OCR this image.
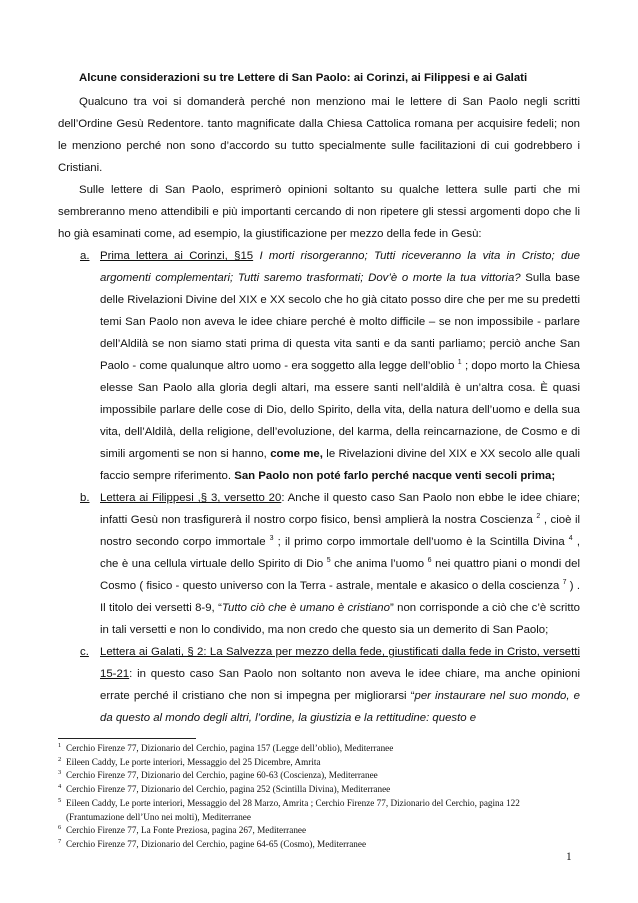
Alcune considerazioni su tre Lettere di San Paolo: ai Corinzi, ai Filippesi e ai Galati
Qualcuno tra voi si domanderà perché non menziono mai le lettere di San Paolo negli scritti dell’Ordine Gesù Redentore. tanto magnificate dalla Chiesa Cattolica romana per acquisire fedeli; non le menziono perché non sono d’accordo su tutto specialmente sulle facilitazioni di cui godrebbero i Cristiani.
Sulle lettere di San Paolo, esprimerò opinioni soltanto su qualche lettera sulle parti che mi sembreranno meno attendibili e più importanti cercando di non ripetere gli stessi argomenti dopo che li ho già esaminati come, ad esempio, la giustificazione per mezzo della fede in Gesù:
a. Prima lettera ai Corinzi, §15 I morti risorgeranno; Tutti riceveranno la vita in Cristo; due argomenti complementari; Tutti saremo trasformati; Dov’è o morte la tua vittoria? Sulla base delle Rivelazioni Divine del XIX e XX secolo che ho già citato posso dire che per me su predetti temi San Paolo non aveva le idee chiare perché è molto difficile – se non impossibile - parlare dell’Aldilà se non siamo stati prima di questa vita santi e da santi parliamo; perciò anche San Paolo - come qualunque altro uomo - era soggetto alla legge dell’oblio $^1$ ; dopo morto la Chiesa elesse San Paolo alla gloria degli altari, ma essere santi nell’aldilà è un’altra cosa. È quasi impossibile parlare delle cose di Dio, dello Spirito, della vita, della natura dell’uomo e della sua vita, dell’Aldilà, della religione, dell’evoluzione, del karma, della reincarnazione, de Cosmo e di simili argomenti se non si hanno, come me, le Rivelazioni divine del XIX e XX secolo alle quali faccio sempre riferimento. San Paolo non poté farlo perché nacque venti secoli prima;
b. Lettera ai Filippesi ,§ 3, versetto 20: Anche il questo caso San Paolo non ebbe le idee chiare; infatti Gesù non trasfigurerà il nostro corpo fisico, bensì amplierà la nostra Coscienza $^2$ , cioè il nostro secondo corpo immortale $^3$ ; il primo corpo immortale dell’uomo è la Scintilla Divina $^4$ , che è una cellula virtuale dello Spirito di Dio $^5$ che anima l’uomo $^6$ nei quattro piani o mondi del Cosmo ( fisico - questo universo con la Terra - astrale, mentale e akasico o della coscienza $^7$ ) . Il titolo dei versetti 8-9, “Tutto ciò che è umano è cristiano” non corrisponde a ciò che c’è scritto in tali versetti e non lo condivido, ma non credo che questo sia un demerito di San Paolo;
c. Lettera ai Galati, § 2: La Salvezza per mezzo della fede, giustificati dalla fede in Cristo, versetti 15-21: in questo caso San Paolo non soltanto non aveva le idee chiare, ma anche opinioni errate perché il cristiano che non si impegna per migliorarsi “per instaurare nel suo mondo, e da questo al mondo degli altri, l’ordine, la giustizia e la rettitudine: questo e
1 Cerchio Firenze 77, Dizionario del Cerchio, pagina 157 (Legge dell’oblio), Mediterranee
2 Eileen Caddy, Le porte interiori, Messaggio del 25 Dicembre, Amrita
3 Cerchio Firenze 77, Dizionario del Cerchio, pagine 60-63 (Coscienza), Mediterranee
4 Cerchio Firenze 77, Dizionario del Cerchio, pagina 252 (Scintilla Divina), Mediterranee
5 Eileen Caddy, Le porte interiori, Messaggio del 28 Marzo, Amrita ; Cerchio Firenze 77, Dizionario del Cerchio, pagina 122 (Frantumazione dell’Uno nei molti), Mediterranee
6 Cerchio Firenze 77, La Fonte Preziosa, pagina 267, Mediterranee
7 Cerchio Firenze 77, Dizionario del Cerchio, pagine 64-65 (Cosmo), Mediterranee
1
